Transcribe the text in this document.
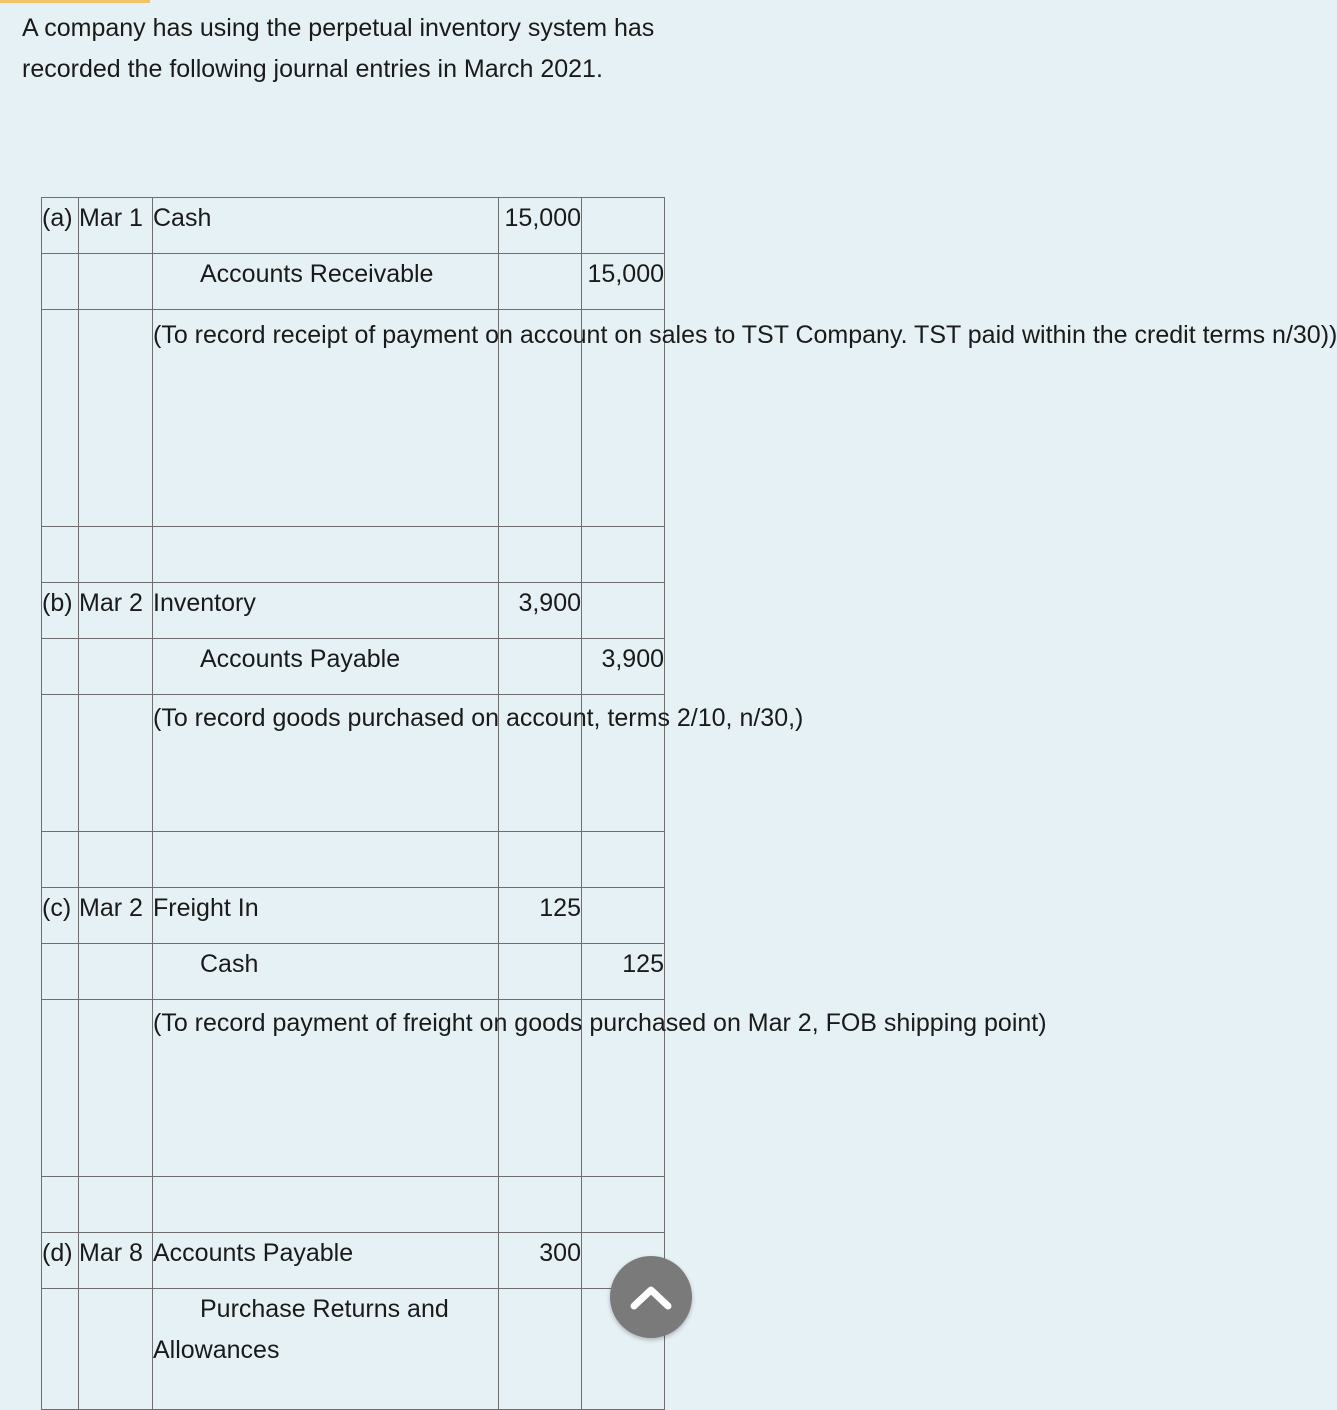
A company has using the perpetual inventory system has recorded the following journal entries in March 2021.
(a)	Mar 1	Cash	15,000	
		Accounts Receivable		15,000
		(To record receipt of payment on account on sales to TST Company. TST paid within the credit terms n/30))		

(b)	Mar 2	Inventory	3,900	
		Accounts Payable		3,900
		(To record goods purchased on account, terms 2/10, n/30,)		

(c)	Mar 2	Freight In	125	
		Cash		125
		(To record payment of freight on goods purchased on Mar 2, FOB shipping point)		

(d)	Mar 8	Accounts Payable	300	
		Purchase Returns and
Allowances		
